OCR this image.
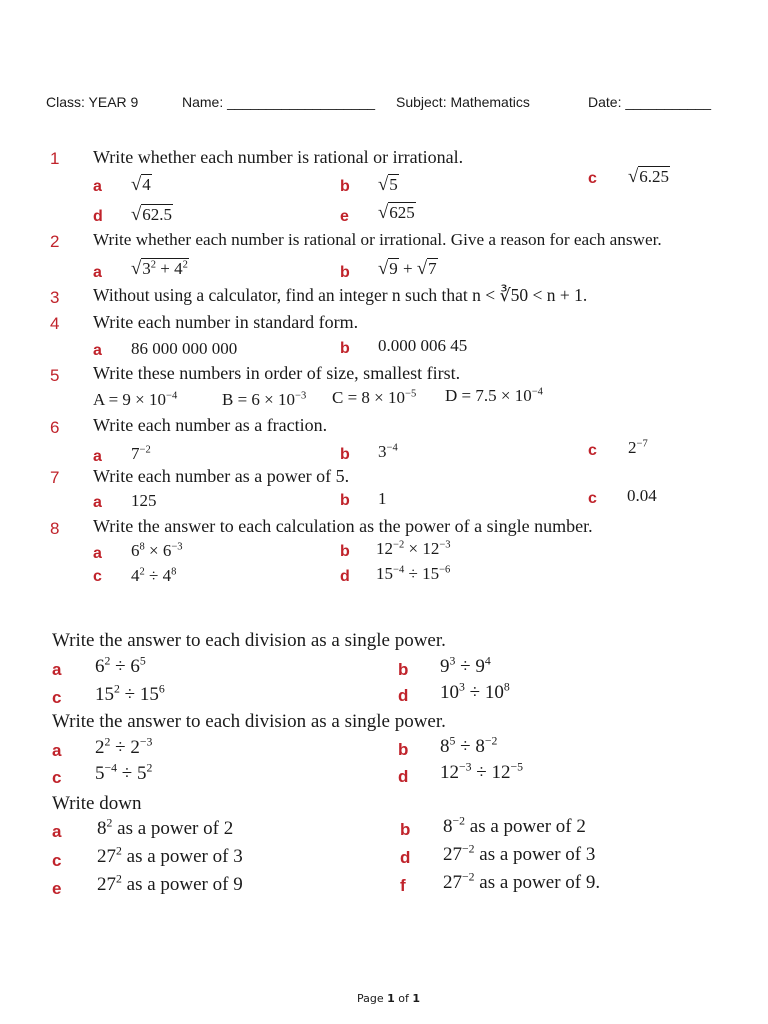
Class: YEAR 9	Name: ___________________ Subject: Mathematics	Date: ___________
1 Write whether each number is rational or irrational.
a √4	b √5	c √6.25
d √62.5	e √625
2 Write whether each number is rational or irrational. Give a reason for each answer.
a $√3^2 + 4^2$	b √9 + √7
3 Without using a calculator, find an integer n such that n < ∛50 < n + 1.
4 Write each number in standard form.
a 86 000 000 000	b 0.000 006 45
5 Write these numbers in order of size, smallest first.
$A = 9 \times 10^{-4}$	$B = 6 \times 10^{-3}$ $C = 8 \times 10^{-5}$ $D = 7.5 \times 10^{-4}$
6 Write each number as a fraction.
a $7^{-2}$	b $3^{-4}$	c $2^{-7}$
7 Write each number as a power of 5.
a 125	b 1	c 0.04
8 Write the answer to each calculation as the power of a single number.
a $6^8 \times 6^{-3}$	b $12^{-2} \times 12^{-3}$
c $4^2 \div 4^8$	d $15^{-4} \div 15^{-6}$
Write the answer to each division as a single power.
a $6^2 \div 6^5$	b $9^3 \div 9^4$
c $15^2 \div 15^6$	d $10^3 \div 10^8$
Write the answer to each division as a single power.
a $2^2 \div 2^{-3}$	b $8^5 \div 8^{-2}$
c $5^{-4} \div 5^2$	d $12^{-3} \div 12^{-5}$
Write down
a $8^2$ as a power of 2	b $8^{-2}$ as a power of 2
c $27^2$ as a power of 3	d $27^{-2}$ as a power of 3
e $27^2$ as a power of 9	f $27^{-2}$ as a power of 9.
Page 1 of 1
